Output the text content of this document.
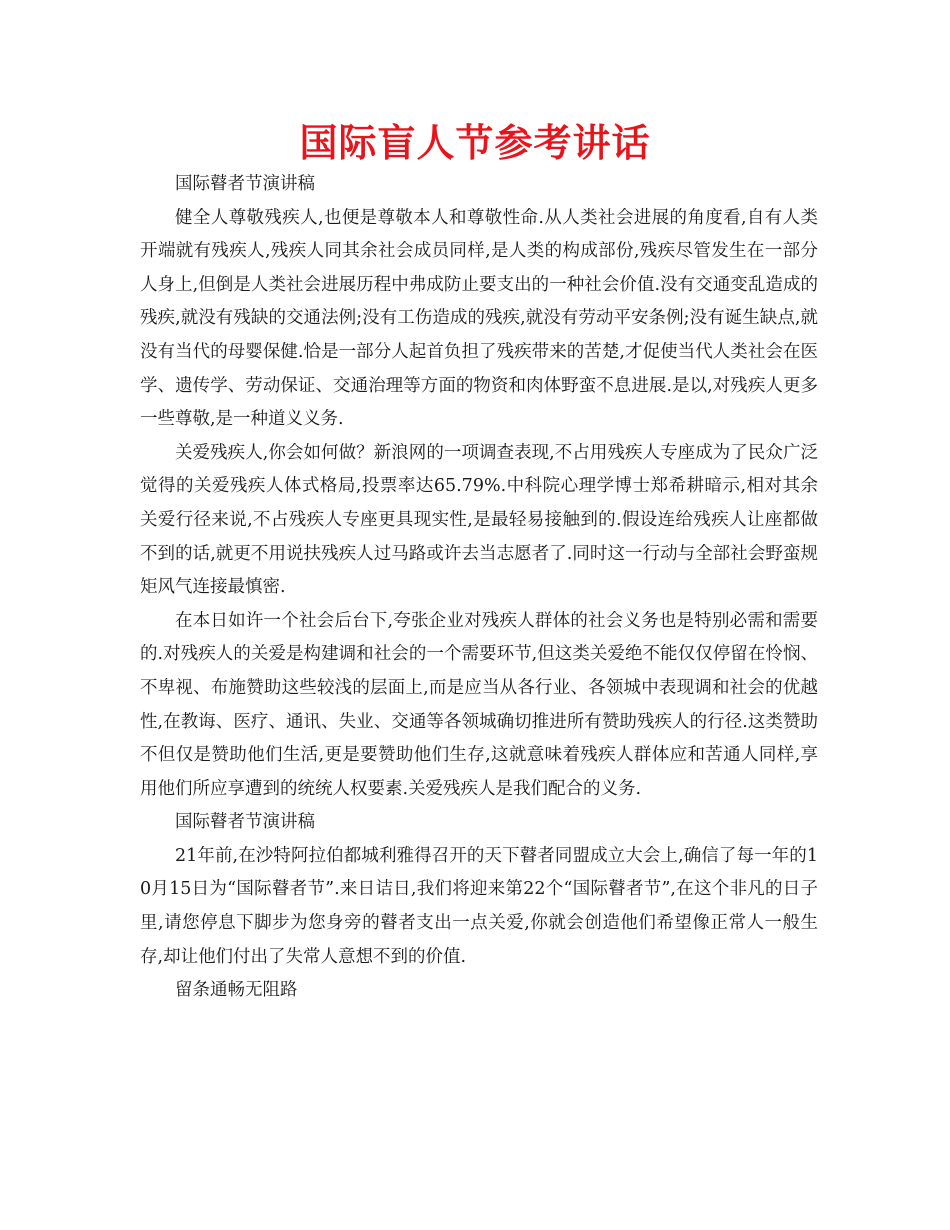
国际盲人节参考讲话

国际瞽者节演讲稿

健全人尊敬残疾人,也便是尊敬本人和尊敬性命.从人类社会进展的角度看,自有人类开端就有残疾人,残疾人同其余社会成员同样,是人类的构成部份,残疾尽管发生在一部分人身上,但倒是人类社会进展历程中弗成防止要支出的一种社会价值.没有交通变乱造成的残疾,就没有残缺的交通法例;没有工伤造成的残疾,就没有劳动平安条例;没有诞生缺点,就没有当代的母婴保健.恰是一部分人起首负担了残疾带来的苦楚,才促使当代人类社会在医学、遗传学、劳动保证、交通治理等方面的物资和肉体野蛮不息进展.是以,对残疾人更多一些尊敬,是一种道义义务.

关爱残疾人,你会如何做？新浪网的一项调查表现,不占用残疾人专座成为了民众广泛觉得的关爱残疾人体式格局,投票率达65.79%.中科院心理学博士郑希耕暗示,相对其余关爱行径来说,不占残疾人专座更具现实性,是最轻易接触到的.假设连给残疾人让座都做不到的话,就更不用说扶残疾人过马路或许去当志愿者了.同时这一行动与全部社会野蛮规矩风气连接最慎密.

在本日如许一个社会后台下,夸张企业对残疾人群体的社会义务也是特别必需和需要的.对残疾人的关爱是构建调和社会的一个需要环节,但这类关爱绝不能仅仅停留在怜悯、不卑视、布施赞助这些较浅的层面上,而是应当从各行业、各领城中表现调和社会的优越性,在教诲、医疗、通讯、失业、交通等各领城确切推进所有赞助残疾人的行径.这类赞助不但仅是赞助他们生活,更是要赞助他们生存,这就意味着残疾人群体应和苦通人同样,享用他们所应享遭到的统统人权要素.关爱残疾人是我们配合的义务.

国际瞽者节演讲稿

21年前,在沙特阿拉伯都城利雅得召开的天下瞽者同盟成立大会上,确信了每一年的10月15日为“国际瞽者节”.来日诘日,我们将迎来第22个“国际瞽者节”,在这个非凡的日子里,请您停息下脚步为您身旁的瞽者支出一点关爱,你就会创造他们希望像正常人一般生存,却让他们付出了失常人意想不到的价值.

留条通畅无阻路
